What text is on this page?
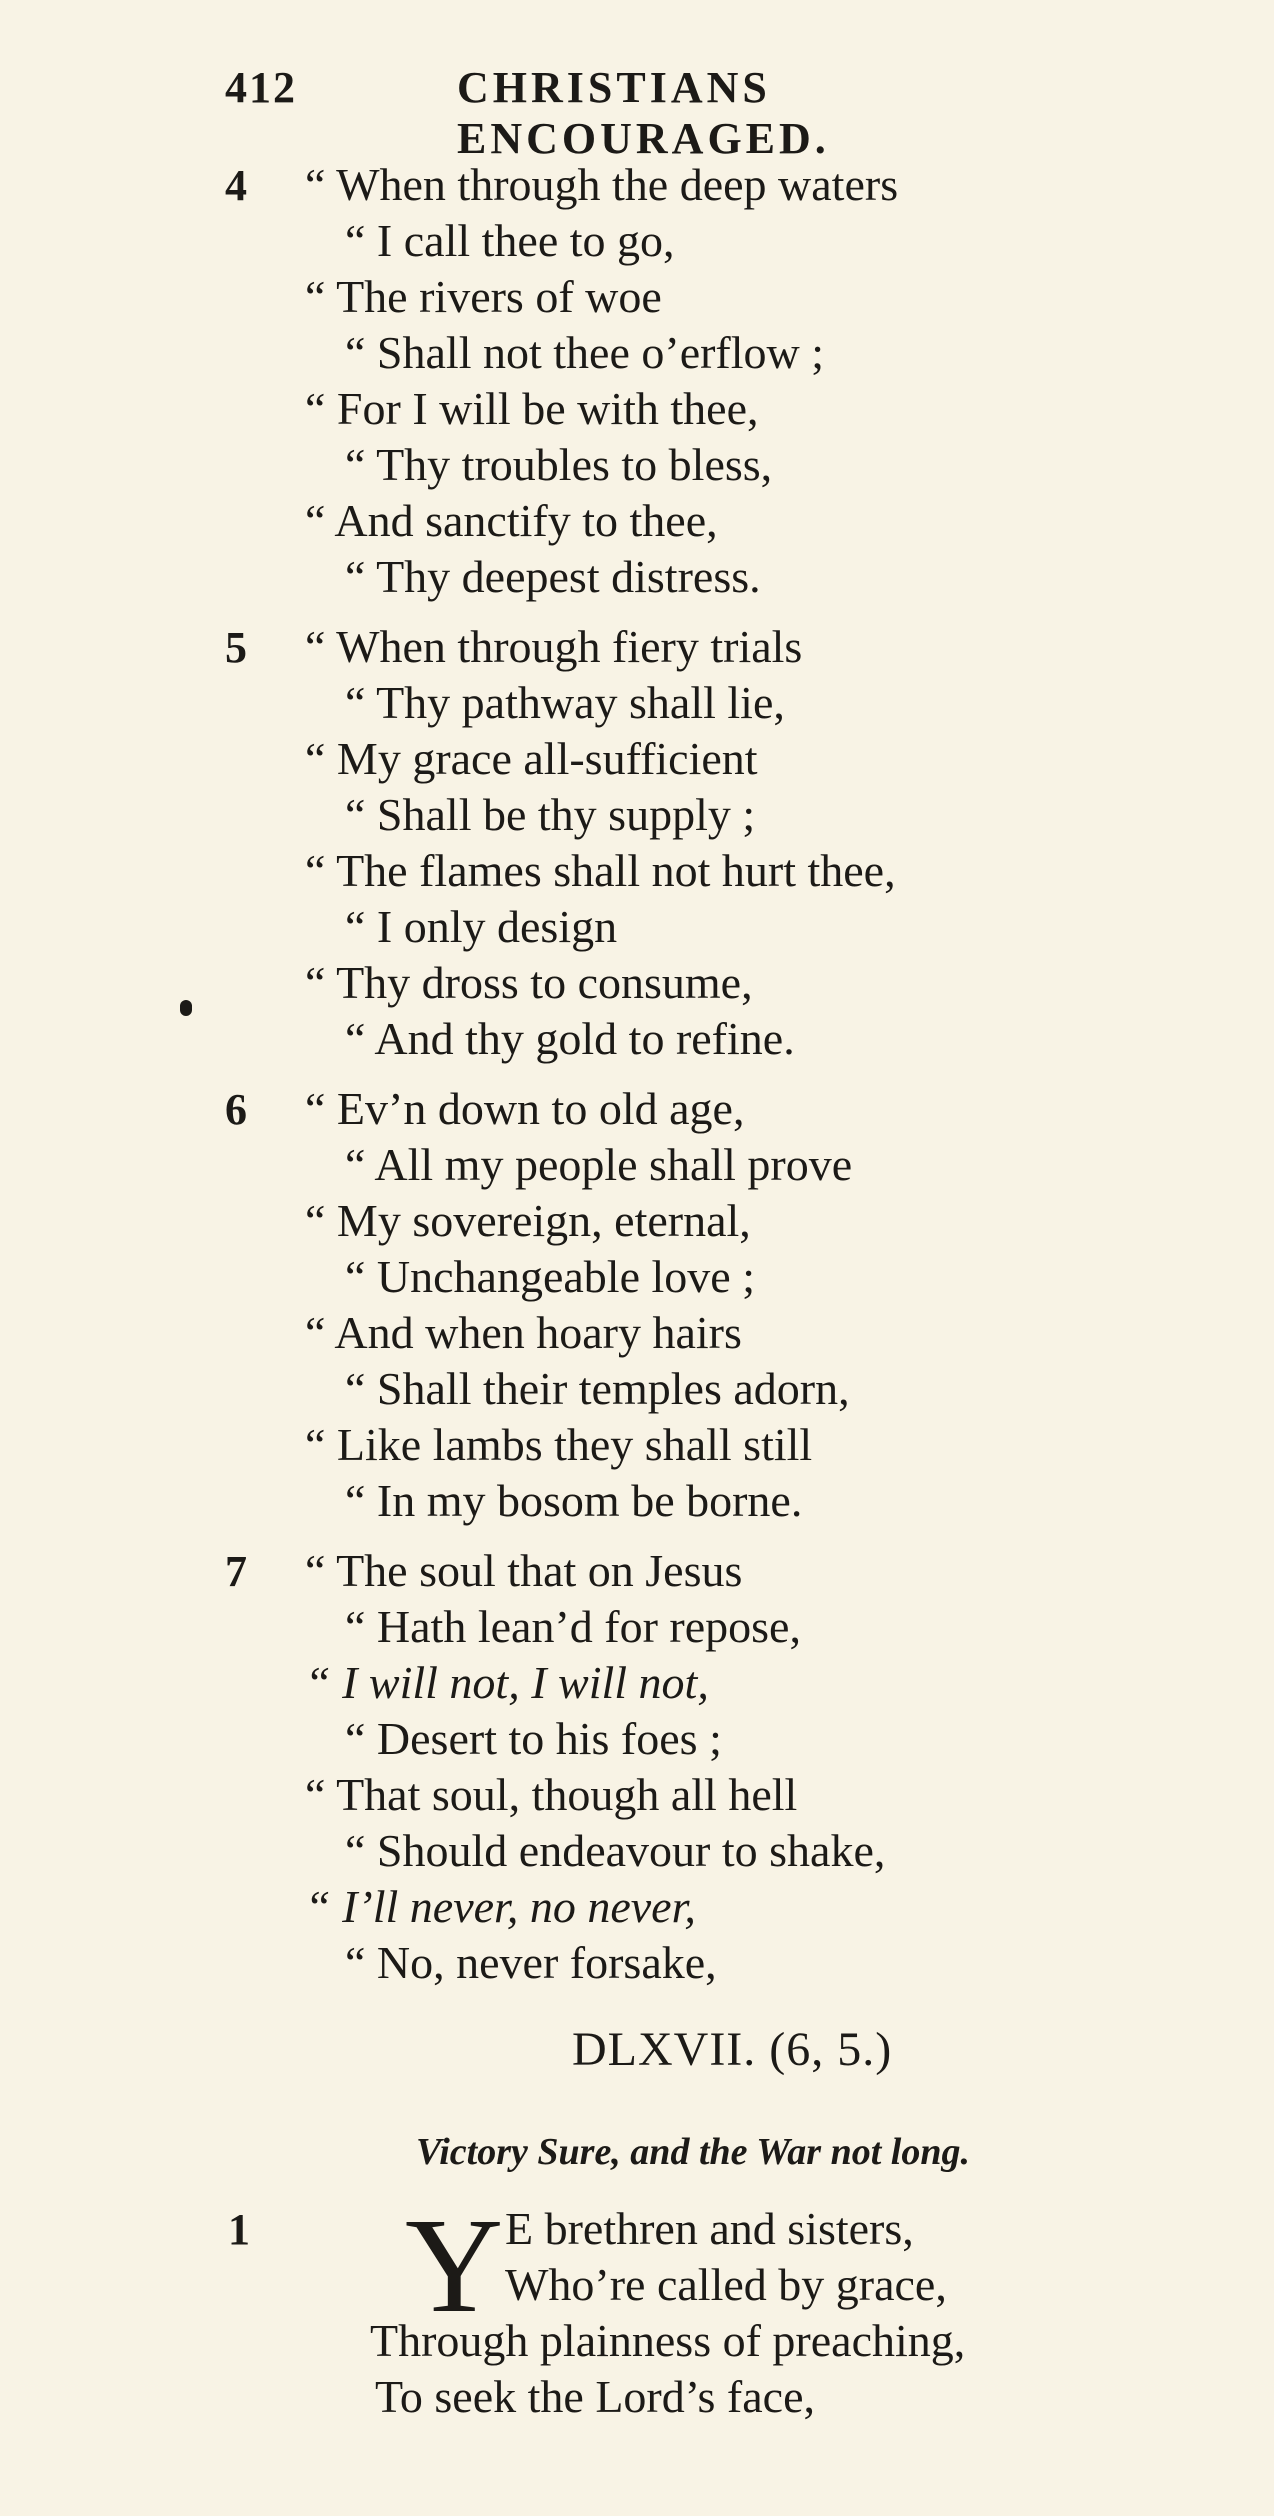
412	CHRISTIANS ENCOURAGED.
4 “ When through the deep waters
“ I call thee to go,
“ The rivers of woe
“ Shall not thee o’erflow ;
“ For I will be with thee,
“ Thy troubles to bless,
“ And sanctify to thee,
“ Thy deepest distress.
5 “ When through fiery trials
“ Thy pathway shall lie,
“ My grace all-sufficient
“ Shall be thy supply ;
“ The flames shall not hurt thee,
“ I only design
“ Thy dross to consume,
“ And thy gold to refine.
6 “ Ev’n down to old age,
“ All my people shall prove
“ My sovereign, eternal,
“ Unchangeable love ;
“ And when hoary hairs
“ Shall their temples adorn,
“ Like lambs they shall still
“ In my bosom be borne.
7 “ The soul that on Jesus
“ Hath lean’d for repose,
“ I will not, I will not,
“ Desert to his foes ;
“ That soul, though all hell
“ Should endeavour to shake,
“ I’ll never, no never,
“ No, never forsake,
DLXVII. (6, 5.)
Victory Sure, and the War not long.
1 Y E brethren and sisters,
Who’re called by grace,
Through plainness of preaching,
To seek the Lord’s face,
